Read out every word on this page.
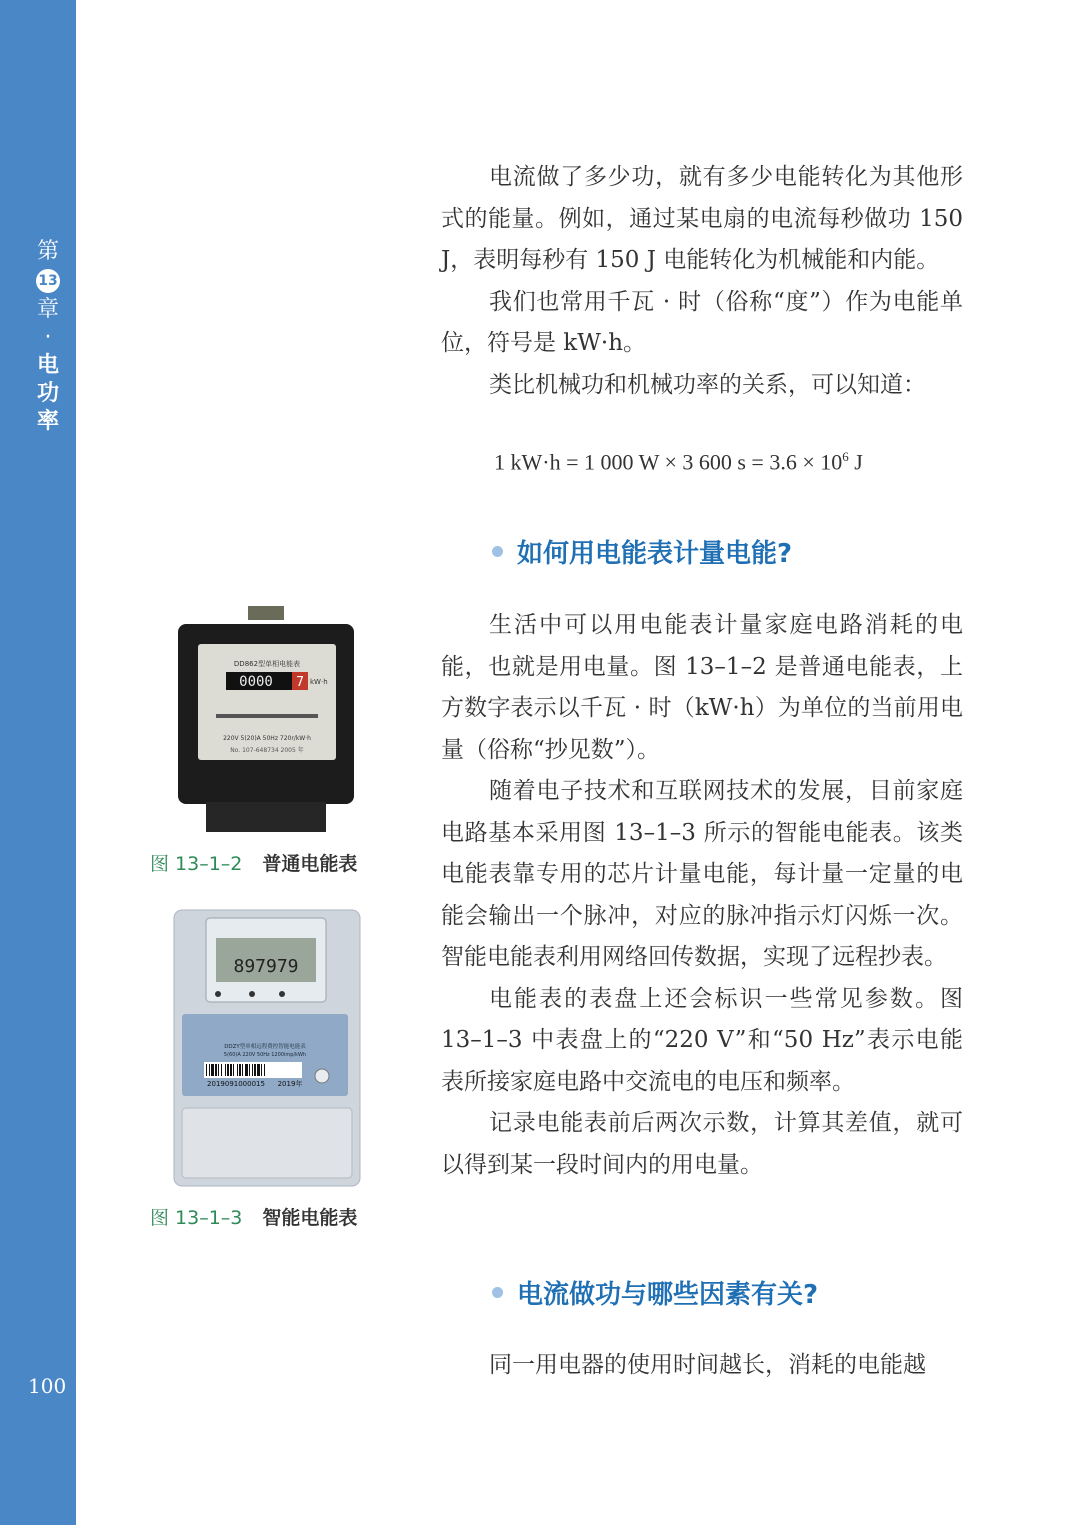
第
13
章
·
电
功
率
100

电流做了多少功，就有多少电能转化为其他形式的能量。例如，通过某电扇的电流每秒做功 150 J，表明每秒有 150 J 电能转化为机械能和内能。

我们也常用千瓦 · 时（俗称“度”）作为电能单位，符号是 kW·h。

类比机械功和机械功率的关系，可以知道：

1 kW·h = 1 000 W × 3 600 $s = 3.6 \times 10^6$ J
如何用电能表计量电能?

生活中可以用电能表计量家庭电路消耗的电能，也就是用电量。图 13–1–2 是普通电能表，上方数字表示以千瓦 · 时（kW·h）为单位的当前用电量（俗称“抄见数”）。

随着电子技术和互联网技术的发展，目前家庭电路基本采用图 13–1–3 所示的智能电能表。该类电能表靠专用的芯片计量电能，每计量一定量的电能会输出一个脉冲，对应的脉冲指示灯闪烁一次。智能电能表利用网络回传数据，实现了远程抄表。

电能表的表盘上还会标识一些常见参数。图 13–1–3 中表盘上的“220 V”和“50 Hz”表示电能表所接家庭电路中交流电的电压和频率。

记录电能表前后两次示数，计算其差值，就可以得到某一段时间内的用电量。

电流做功与哪些因素有关?

同一用电器的使用时间越长，消耗的电能越

DD862型单相电能表
0000 7 kW·h
220V 5(20)A 50Hz 720r/kW·h
No. 107-648734 2005 年
图 13–1–2 普通电能表
897979
DDZY型单相远程费控智能电能表
5(60)A 220V 50Hz 1200imp/kWh
2019091000015 2019年
图 13–1–3 智能电能表
